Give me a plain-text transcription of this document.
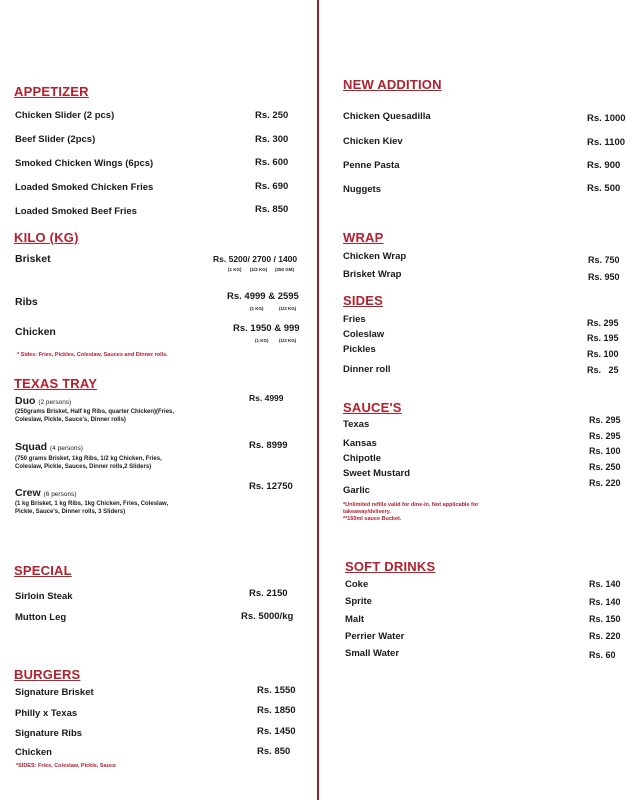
APPETIZER
Chicken Slider (2 pcs)	Rs. 250
Beef Slider (2pcs)	Rs. 300
Smoked Chicken Wings (6pcs)	Rs. 600
Loaded Smoked Chicken Fries	Rs. 690
Loaded Smoked Beef Fries	Rs. 850
KILO (KG)
Brisket	Rs. 5200/ 2700 / 1400
(1 KG) (1/2 KG) (250 GM)
Ribs	Rs. 4999 & 2595
(1 KG)	(1/2 KG)
Chicken	Rs. 1950 & 999
(1 KG) (1/2 KG)
* Sides: Fries, Pickles, Coleslaw, Sauces and Dinner rolls.
TEXAS TRAY
Duo (2 persons)	Rs. 4999
(250grams Brisket, Half kg Ribs, quarter Chicken)(Fries, Coleslaw, Pickle, Sauce's, Dinner rolls)
Squad (4 persons)	Rs. 8999
(750 grams Brisket, 1kg Ribs, 1/2 kg Chicken, Fries, Coleslaw, Pickle, Sauces, Dinner rolls,2 Sliders)
Crew (6 persons)
Rs. 12750
(1 kg Brisket, 1 kg Ribs, 1kg Chicken, Fries, Coleslaw, Pickle, Sauce's, Dinner rolls, 3 Sliders)
SPECIAL
Sirloin Steak	Rs. 2150
Mutton Leg	Rs. 5000/kg
BURGERS
Signature Brisket	Rs. 1550
Philly x Texas	Rs. 1850
Signature Ribs	Rs. 1450
Chicken	Rs. 850
*SIDES: Fries, Coleslaw, Pickle, Sauce
NEW ADDITION
Chicken Quesadilla	Rs. 1000
Chicken Kiev	Rs. 1100
Penne Pasta	Rs. 900
Nuggets	Rs. 500
WRAP
Chicken Wrap	Rs. 750
Brisket Wrap	Rs. 950
SIDES
Fries	Rs. 295
Coleslaw	Rs. 195
Pickles	Rs. 100
Dinner roll	Rs.   25
SAUCE'S
Texas	Rs. 295
Kansas
Rs. 295
Chipotle
Rs. 100
Sweet Mustard
Rs. 250
Garlic
Rs. 220
*Unlimited refills valid for dine-in. Not applicable for takeaway/delivery.
**150ml sauce Bucket.
SOFT DRINKS
Coke	Rs. 140
Sprite	Rs. 140
Malt	Rs. 150
Perrier Water	Rs. 220
Small Water	Rs. 60
